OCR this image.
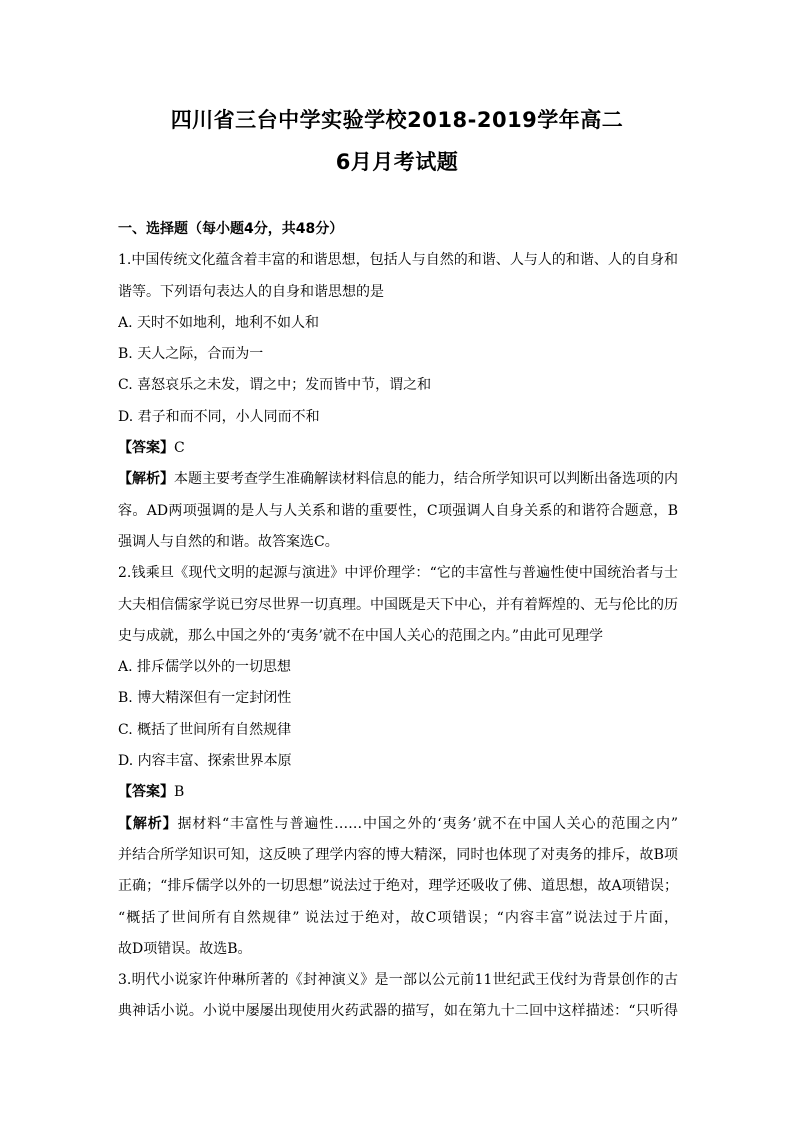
四川省三台中学实验学校2018-2019学年高二
6月月考试题
一、选择题（每小题4分，共48分）
1.中国传统文化蕴含着丰富的和谐思想，包括人与自然的和谐、人与人的和谐、人的自身和
谐等。下列语句表达人的自身和谐思想的是
A. 天时不如地利，地利不如人和
B. 天人之际，合而为一
C. 喜怒哀乐之未发，谓之中；发而皆中节，谓之和
D. 君子和而不同，小人同而不和
【答案】C
【解析】本题主要考查学生准确解读材料信息的能力，结合所学知识可以判断出备选项的内
容。AD两项强调的是人与人关系和谐的重要性，C项强调人自身关系的和谐符合题意，B
强调人与自然的和谐。故答案选C。
2.钱乘旦《现代文明的起源与演进》中评价理学：“它的丰富性与普遍性使中国统治者与士
大夫相信儒家学说已穷尽世界一切真理。中国既是天下中心，并有着辉煌的、无与伦比的历
史与成就，那么中国之外的‘夷务’就不在中国人关心的范围之内。”由此可见理学
A. 排斥儒学以外的一切思想
B. 博大精深但有一定封闭性
C. 概括了世间所有自然规律
D. 内容丰富、探索世界本原
【答案】B
【解析】据材料“丰富性与普遍性……中国之外的‘夷务’就不在中国人关心的范围之内”
并结合所学知识可知，这反映了理学内容的博大精深，同时也体现了对夷务的排斥，故B项
正确；“排斥儒学以外的一切思想”说法过于绝对，理学还吸收了佛、道思想，故A项错误；
“概括了世间所有自然规律” 说法过于绝对，故C项错误；“内容丰富”说法过于片面，
故D项错误。故选B。
3.明代小说家许仲琳所著的《封神演义》是一部以公元前11世纪武王伐纣为背景创作的古
典神话小说。小说中屡屡出现使用火药武器的描写，如在第九十二回中这样描述：“只听得
